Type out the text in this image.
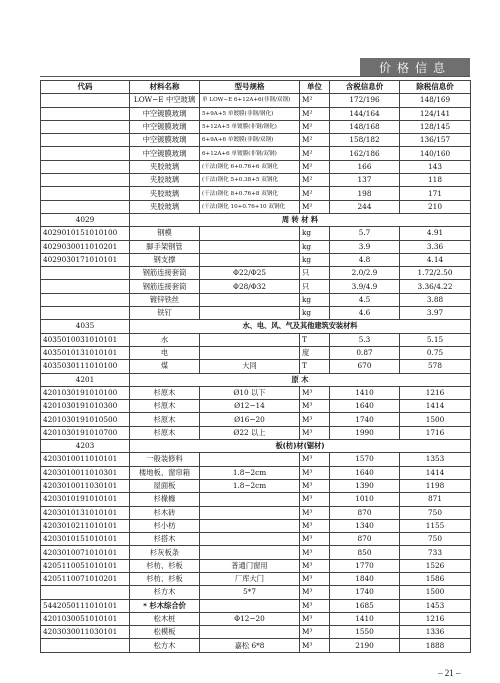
价格信息
代码	材料名称	型号规格	单位	含税信息价	除税信息价
	LOW−E 中空玻璃	单 LOW−E 6+12A+6(非钢/双钢)	M²	172/196	148/169
	中空镀膜玻璃	5+9A+5 单镀膜(非钢/钢化)	M²	144/164	124/141
	中空镀膜玻璃	5+12A+5 单镀膜(非钢/钢化)	M²	148/168	128/145
	中空镀膜玻璃	6+9A+6 单镀膜(非钢/双钢)	M²	158/182	136/157
	中空镀膜玻璃	6+12A+6 单镀膜(非钢/双钢)	M²	162/186	140/160
	夹胶玻璃	(干法)钢化 6+0.76+6 双钢化	M²	166	143
	夹胶玻璃	(干法)钢化 5+0.38+5 双钢化	M²	137	118
	夹胶玻璃	(干法)钢化 8+0.76+8 双钢化	M²	198	171
	夹胶玻璃	(干法)钢化 10+0.76+10 双钢化	M²	244	210
4029	周 转 材 料				
4029010151010100	钢模		kg	5.7	4.91
4029030011010201	脚手架钢管		kg	3.9	3.36
4029030171010101	钢支撑		kg	4.8	4.14
	钢筋连接套筒	Φ22/Φ25	只	2.0/2.9	1.72/2.50
	钢筋连接套筒	Φ28/Φ32	只	3.9/4.9	3.36/4.22
	镀锌铁丝		kg	4.5	3.88
	铁钉		kg	4.6	3.97
4035	水、电、风、气及其他建筑安装材料				
4035010031010101	水		T	5.3	5.15
4035010131010101	电		度	0.87	0.75
4035030111010100	煤	大同	T	670	578
4201	原 木				
4201030191010100	杉原木	Ø10 以下	M³	1410	1216
4201030191010300	杉原木	Ø12−14	M³	1640	1414
4201030191010500	杉原木	Ø16−20	M³	1740	1500
4201030191010700	杉原木	Ø22 以上	M³	1990	1716
4203	板(枋)材(锯材)				
4203010011010101	一般装修料		M³	1570	1353
4203010011010301	楼地板、窗帘箱	1.8−2cm	M³	1640	1414
4203010011030101	屋面板	1.8−2cm	M³	1390	1198
4203010191010101	杉椽橼		M³	1010	871
4203010131010101	杉木砖		M³	870	750
4203010211010101	杉小枋		M³	1340	1155
4203010151010101	杉搭木		M³	870	750
4203010071010101	杉灰板条		M³	850	733
4205110051010101	杉枋、杉板	普通门窗用	M³	1770	1526
4205110071010201	杉枋、杉板	厂库大门	M³	1840	1586
	杉方木	5*7	M³	1740	1500
5442050111010101	* 杉木综合价		M³	1685	1453
4201030051010101	松木桩	Φ12−20	M³	1410	1216
4203030011030101	松模板		M³	1550	1336
	松方木	嘉松 6*8	M³	2190	1888
– 21 –
